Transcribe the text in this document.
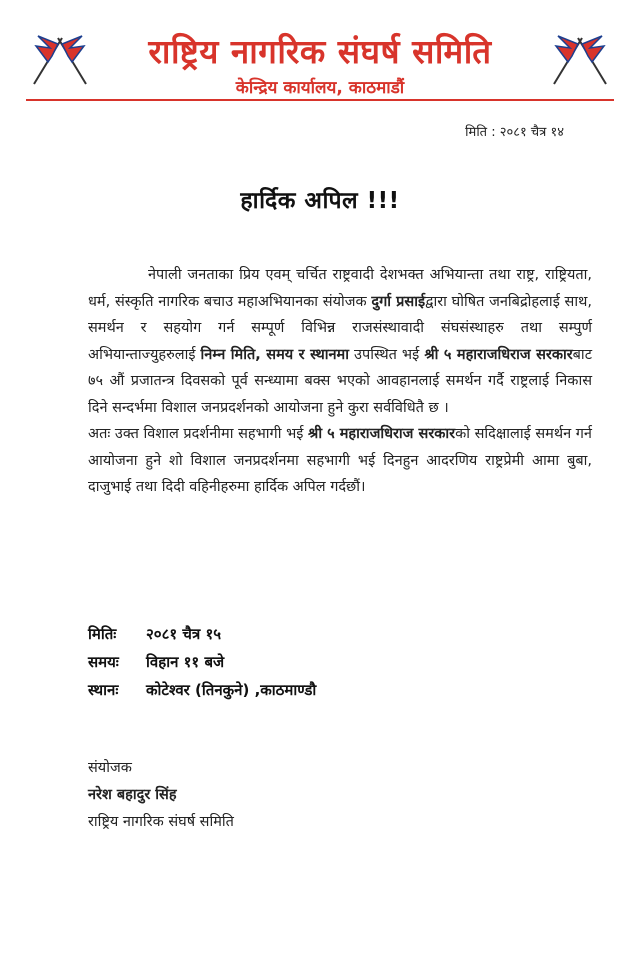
राष्ट्रिय नागरिक संघर्ष समिति
केन्द्रिय कार्यालय, काठमाडौं
मिति : २०८१ चैत्र १४
हार्दिक अपिल !!!

नेपाली जनताका प्रिय एवम् चर्चित राष्ट्रवादी देशभक्त अभियान्ता तथा राष्ट्र, राष्ट्रियता, धर्म, संस्कृति नागरिक बचाउ महाअभियानका संयोजक दुर्गा प्रसाईद्वारा घोषित जनबिद्रोहलाई साथ, समर्थन र सहयोग गर्न सम्पूर्ण विभिन्न राजसंस्थावादी संघसंस्थाहरु तथा सम्पुर्ण अभियान्ताज्युहरुलाई निम्न मिति, समय र स्थानमा उपस्थित भई श्री ५ महाराजधिराज सरकारबाट ७५ औं प्रजातन्त्र दिवसको पूर्व सन्ध्यामा बक्स भएको आवहानलाई समर्थन गर्दै राष्ट्रलाई निकास दिने सन्दर्भमा विशाल जनप्रदर्शनको आयोजना हुने कुरा सर्वविधितै छ ।

अतः उक्त विशाल प्रदर्शनीमा सहभागी भई श्री ५ महाराजधिराज सरकारको सदिक्षालाई समर्थन गर्न आयोजना हुने शो विशाल जनप्रदर्शनमा सहभागी भई दिनहुन आदरणिय राष्ट्रप्रेमी आमा बुबा, दाजुभाई तथा दिदी वहिनीहरुमा हार्दिक अपिल गर्दछौं।

मितिः	२०८१ चैत्र १५
समयः	विहान ११ बजे
स्थानः	कोटेश्वर (तिनकुने) ,काठमाण्डौ
संयोजक
नरेश बहादुर सिंह
राष्ट्रिय नागरिक संघर्ष समिति
